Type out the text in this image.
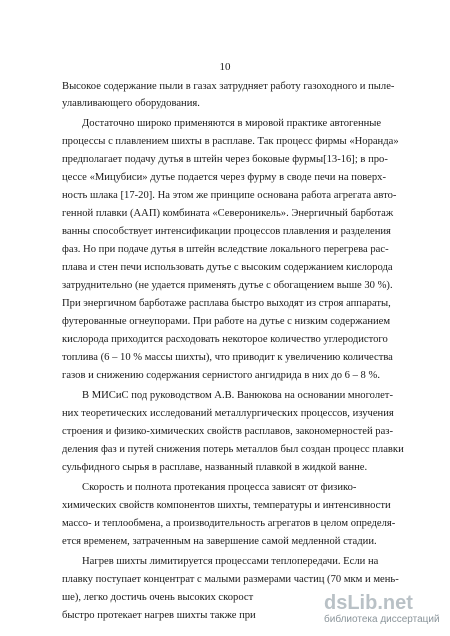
10
Высокое содержание пыли в газах затрудняет работу газоходного и пыле-
улавливающего оборудования.
Достаточно широко применяются в мировой практике автогенные
процессы с плавлением шихты в расплаве. Так процесс фирмы «Норанда»
предполагает подачу дутья в штейн через боковые фурмы[13-16]; в про-
цессе «Мицубиси» дутье подается через фурму в своде печи на поверх-
ность шлака [17-20]. На этом же принципе основана работа агрегата авто-
генной плавки (ААП) комбината «Североникель». Энергичный барботаж
ванны способствует интенсификации процессов плавления и разделения
фаз. Но при подаче дутья в штейн вследствие локального перегрева рас-
плава и стен печи использовать дутье с высоким содержанием кислорода
затруднительно (не удается применять дутье с обогащением выше 30 %).
При энергичном барботаже расплава быстро выходят из строя аппараты,
футерованные огнеупорами. При работе на дутье с низким содержанием
кислорода приходится расходовать некоторое количество углеродистого
топлива (6 – 10 % массы шихты), что приводит к увеличению количества
газов и снижению содержания сернистого ангидрида в них до 6 – 8 %.
В МИСиС под руководством А.В. Ванюкова на основании многолет-
них теоретических исследований металлургических процессов, изучения
строения и физико-химических свойств расплавов, закономерностей раз-
деления фаз и путей снижения потерь металлов был создан процесс плавки
сульфидного сырья в расплаве, названный плавкой в жидкой ванне.
Скорость и полнота протекания процесса зависят от физико-
химических свойств компонентов шихты, температуры и интенсивности
массо- и теплообмена, а производительность агрегатов в целом определя-
ется временем, затраченным на завершение самой медленной стадии.
Нагрев шихты лимитируется процессами теплопередачи. Если на
плавку поступает концентрат с малыми размерами частиц (70 мкм и мень-
ше), легко достичь очень высоких скорост
быстро протекает нагрев шихты также при
dsLib.net
библиотека диссертаций
